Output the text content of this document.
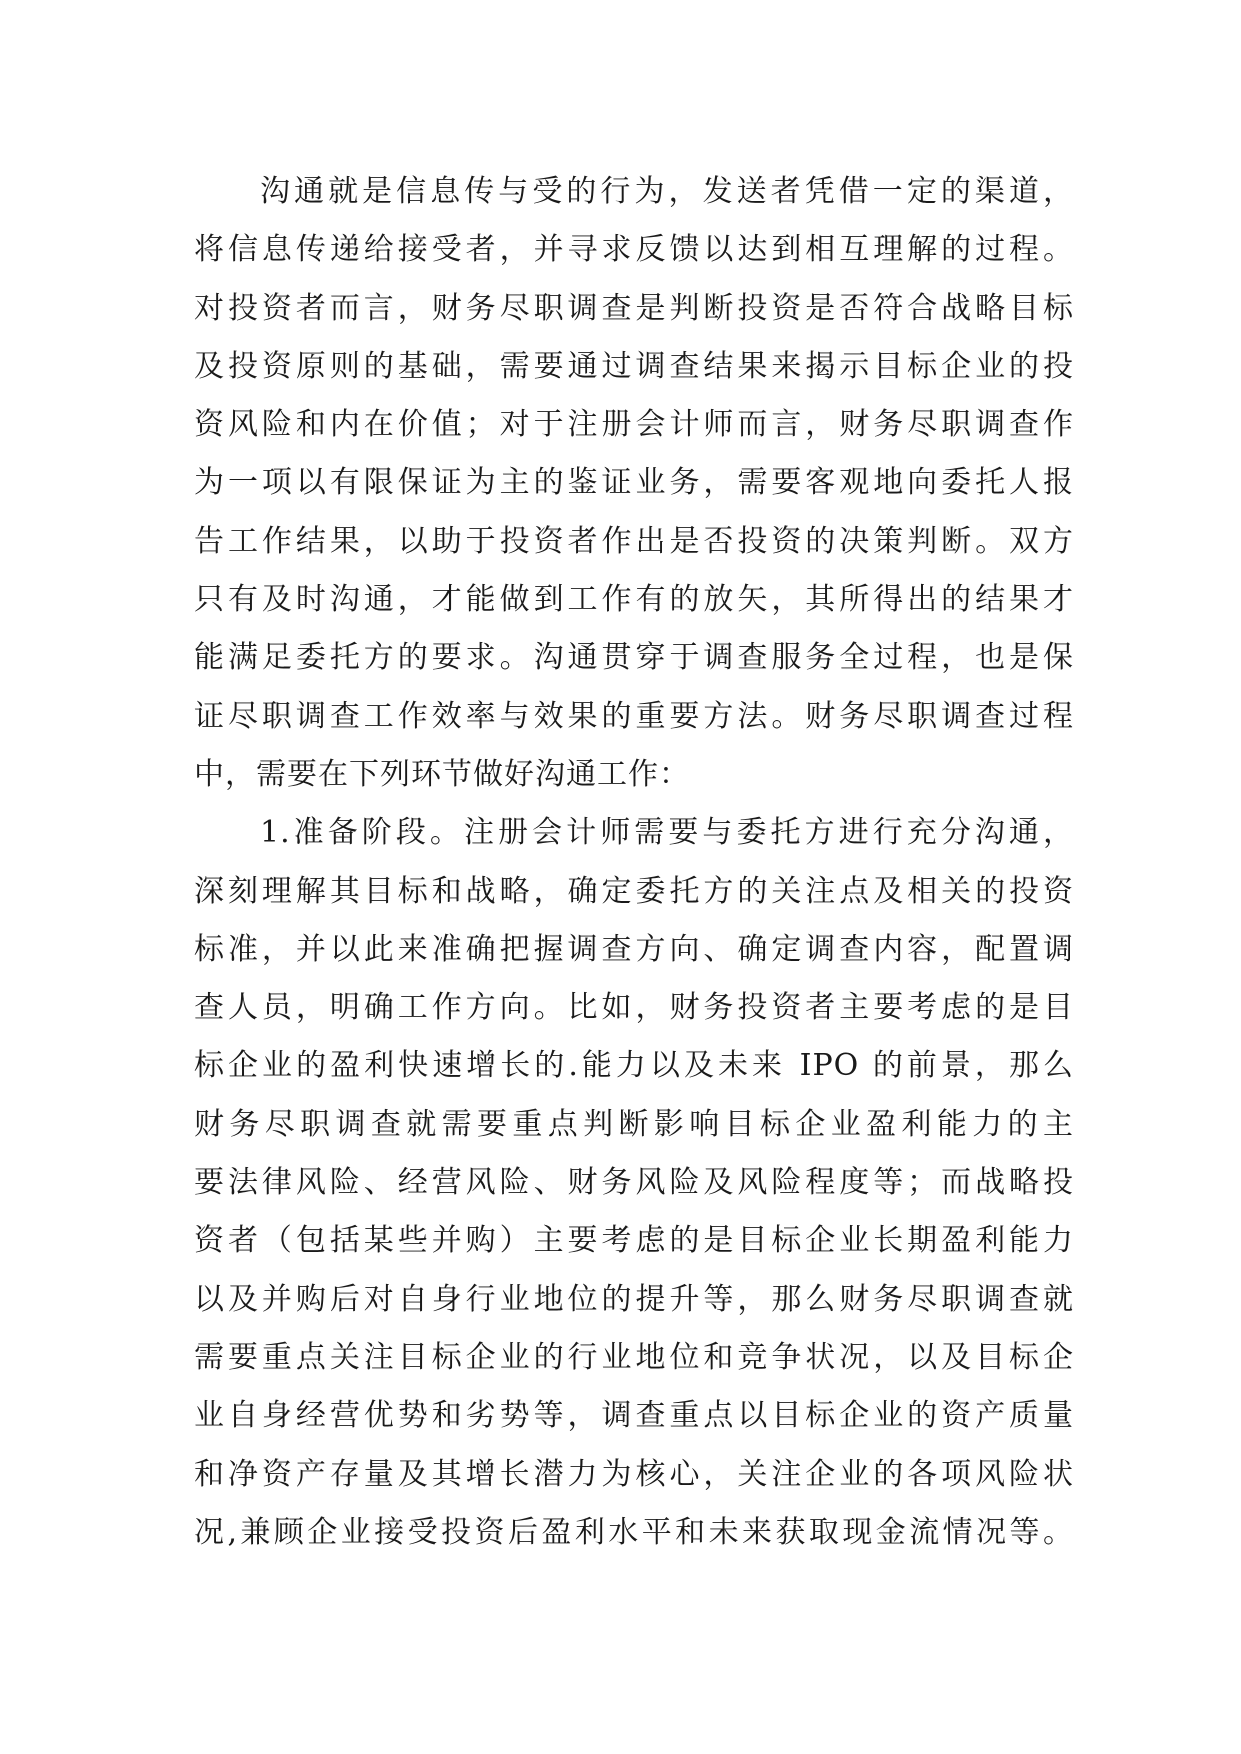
沟通就是信息传与受的行为，发送者凭借一定的渠道，
将信息传递给接受者，并寻求反馈以达到相互理解的过程。
对投资者而言，财务尽职调查是判断投资是否符合战略目标
及投资原则的基础，需要通过调查结果来揭示目标企业的投
资风险和内在价值；对于注册会计师而言，财务尽职调查作
为一项以有限保证为主的鉴证业务，需要客观地向委托人报
告工作结果，以助于投资者作出是否投资的决策判断。双方
只有及时沟通，才能做到工作有的放矢，其所得出的结果才
能满足委托方的要求。沟通贯穿于调查服务全过程，也是保
证尽职调查工作效率与效果的重要方法。财务尽职调查过程
中，需要在下列环节做好沟通工作：
1.准备阶段。注册会计师需要与委托方进行充分沟通，
深刻理解其目标和战略，确定委托方的关注点及相关的投资
标准，并以此来准确把握调查方向、确定调查内容，配置调
查人员，明确工作方向。比如，财务投资者主要考虑的是目
标企业的盈利快速增长的.能力以及未来 IPO 的前景，那么
财务尽职调查就需要重点判断影响目标企业盈利能力的主
要法律风险、经营风险、财务风险及风险程度等；而战略投
资者（包括某些并购）主要考虑的是目标企业长期盈利能力
以及并购后对自身行业地位的提升等，那么财务尽职调查就
需要重点关注目标企业的行业地位和竞争状况，以及目标企
业自身经营优势和劣势等，调查重点以目标企业的资产质量
和净资产存量及其增长潜力为核心，关注企业的各项风险状
况,兼顾企业接受投资后盈利水平和未来获取现金流情况等。
